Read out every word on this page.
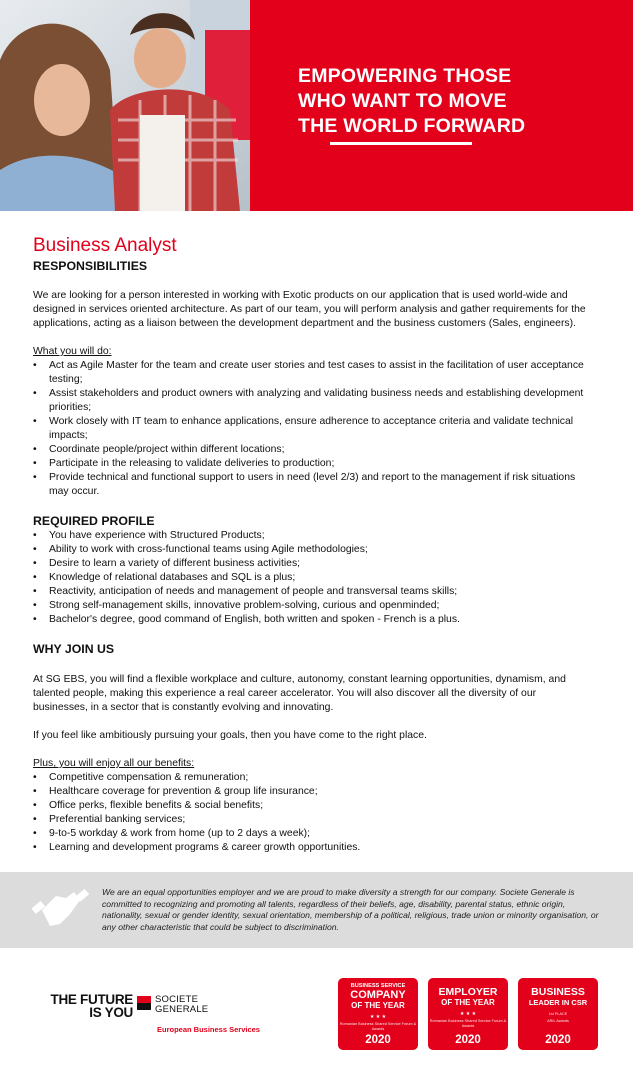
EMPOWERING THOSE
WHO WANT TO MOVE
THE WORLD FORWARD
Business Analyst
RESPONSIBILITIES

We are looking for a person interested in working with Exotic products on our application that is used world-wide and designed in services oriented architecture. As part of our team, you will perform analysis and gather requirements for the applications, acting as a liaison between the development department and the business customers (Sales, engineers).

What you will do:

• Act as Agile Master for the team and create user stories and test cases to assist in the facilitation of user acceptance testing;
• Assist stakeholders and product owners with analyzing and validating business needs and establishing development priorities;
• Work closely with IT team to enhance applications, ensure adherence to acceptance criteria and validate technical impacts;
• Coordinate people/project within different locations;
• Participate in the releasing to validate deliveries to production;
• Provide technical and functional support to users in need (level 2/3) and report to the management if risk situations may occur.
REQUIRED PROFILE
• You have experience with Structured Products;
• Ability to work with cross-functional teams using Agile methodologies;
• Desire to learn a variety of different business activities;
• Knowledge of relational databases and SQL is a plus;
• Reactivity, anticipation of needs and management of people and transversal teams skills;
• Strong self-management skills, innovative problem-solving, curious and openminded;
• Bachelor's degree, good command of English, both written and spoken - French is a plus.
WHY JOIN US

At SG EBS, you will find a flexible workplace and culture, autonomy, constant learning opportunities, dynamism, and talented people, making this experience a real career accelerator. You will also discover all the diversity of our businesses, in a sector that is constantly evolving and innovating.

If you feel like ambitiously pursuing your goals, then you have come to the right place.

Plus, you will enjoy all our benefits:

• Competitive compensation & remuneration;
• Healthcare coverage for prevention & group life insurance;
• Office perks, flexible benefits & social benefits;
• Preferential banking services;
• 9-to-5 workday & work from home (up to 2 days a week);
• Learning and development programs & career growth opportunities.

We are an equal opportunities employer and we are proud to make diversity a strength for our company. Societe Generale is committed to recognizing and promoting all talents, regardless of their beliefs, age, disability, parental status, ethnic origin, nationality, sexual or gender identity, sexual orientation, membership of a political, religious, trade union or minority organisation, or any other characteristic that could be subject to discrimination.

THE FUTURE
IS YOU
SOCIETE
GENERALE
European Business Services
BUSINESS SERVICE
COMPANY
OF THE YEAR
★ ★ ★
Romanian Business Shared Service Forum & Awards
2020
EMPLOYER
OF THE YEAR
★ ★ ★
Romanian Business Shared Service Forum & Awards
2020
BUSINESS
LEADER IN CSR
1st PLACE
ARIL Awards
2020
